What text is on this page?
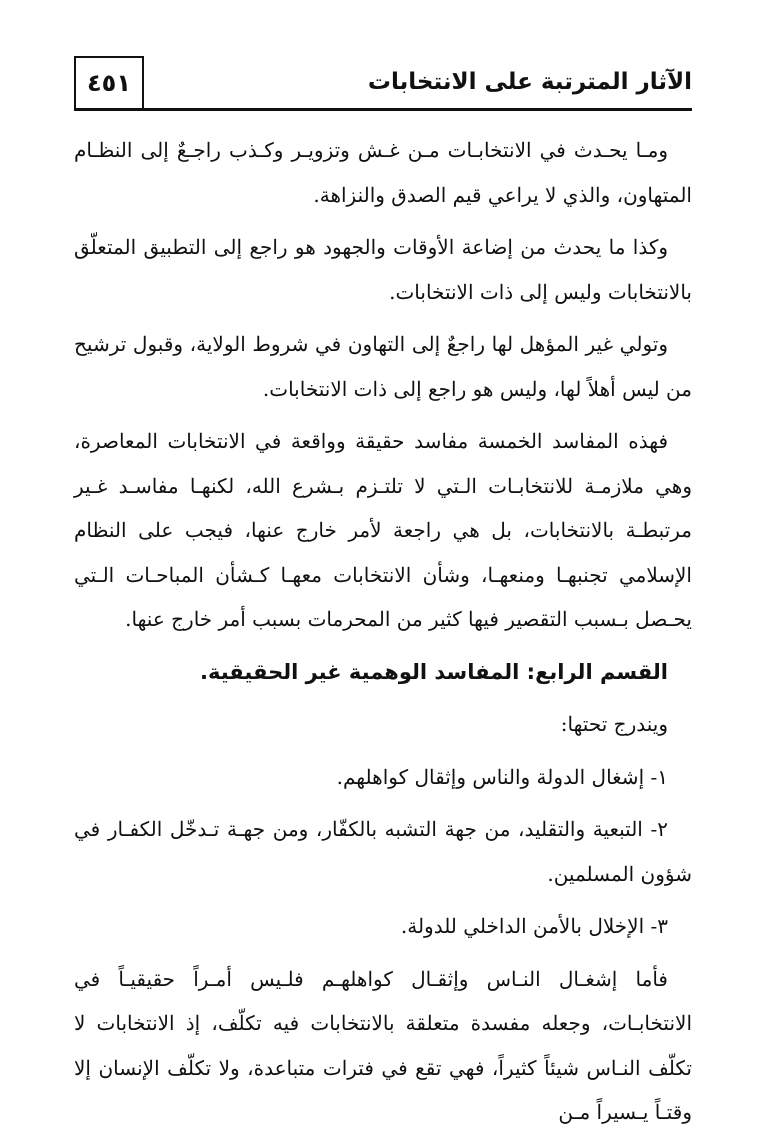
الآثار المترتبة على الانتخابات
٤٥١

ومـا يحـدث في الانتخابـات مـن غـش وتزويـر وكـذب راجـعٌ إلى النظـام المتهاون، والذي لا يراعي قيم الصدق والنزاهة.

وكذا ما يحدث من إضاعة الأوقات والجهود هو راجع إلى التطبيق المتعلّق بالانتخابات وليس إلى ذات الانتخابات.

وتولي غير المؤهل لها راجعٌ إلى التهاون في شروط الولاية، وقبول ترشيح من ليس أهلاً لها، وليس هو راجع إلى ذات الانتخابات.

فهذه المفاسد الخمسة مفاسد حقيقة وواقعة في الانتخابات المعاصرة، وهي ملازمـة للانتخابـات الـتي لا تلتـزم بـشرع الله، لكنهـا مفاسـد غـير مرتبطـة بالانتخابات، بل هي راجعة لأمر خارج عنها، فيجب على النظام الإسلامي تجنبهـا ومنعهـا، وشأن الانتخابات معهـا كـشأن المباحـات الـتي يحـصل بـسبب التقصير فيها كثير من المحرمات بسبب أمر خارج عنها.

القسم الرابع: المفاسد الوهمية غير الحقيقية.

ويندرج تحتها:

١- إشغال الدولة والناس وإثقال كواهلهم.

٢- التبعية والتقليد، من جهة التشبه بالكفّار، ومن جهـة تـدخّل الكفـار في شؤون المسلمين.

٣- الإخلال بالأمن الداخلي للدولة.

فأما إشغـال النـاس وإثقـال كواهلهـم فلـيس أمـراً حقيقيـاً في الانتخابـات، وجعله مفسدة متعلقة بالانتخابات فيه تكلّف، إذ الانتخابات لا تكلّف النـاس شيئاً كثيراً، فهي تقع في فترات متباعدة، ولا تكلّف الإنسان إلا وقتـاً يـسيراً مـن
